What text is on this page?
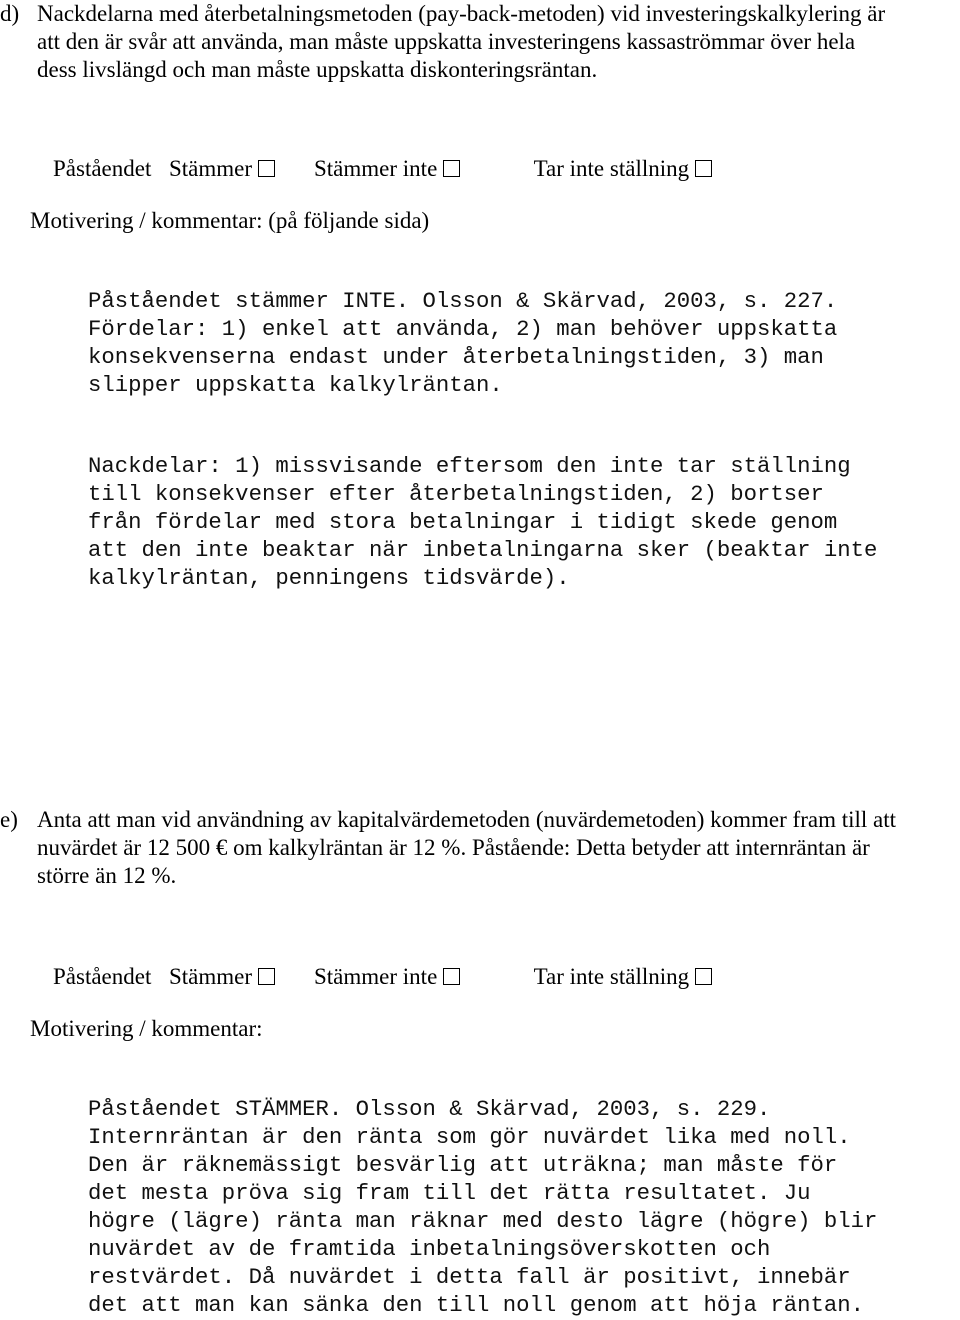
d) Nackdelarna med återbetalningsmetoden (pay-back-metoden) vid investeringskalkylering är
att den är svår att använda, man måste uppskatta investeringens kassaströmmar över hela
dess livslängd och man måste uppskatta diskonteringsräntan.

Påståendet
Stämmer
	Stämmer inte
	Tar inte ställning

Motivering / kommentar: (på följande sida)
Påståendet stämmer INTE. Olsson & Skärvad, 2003, s. 227.
Fördelar: 1) enkel att använda, 2) man behöver uppskatta
konsekvenserna endast under återbetalningstiden, 3) man
slipper uppskatta kalkylräntan.
Nackdelar: 1) missvisande eftersom den inte tar ställning
till konsekvenser efter återbetalningstiden, 2) bortser
från fördelar med stora betalningar i tidigt skede genom
att den inte beaktar när inbetalningarna sker (beaktar inte
kalkylräntan, penningens tidsvärde).
e) Anta att man vid användning av kapitalvärdemetoden (nuvärdemetoden) kommer fram till att
nuvärdet är 12 500 € om kalkylräntan är 12 %. Påstående: Detta betyder att internräntan är
större än 12 %.

Påståendet
Stämmer
	Stämmer inte
	Tar inte ställning

Motivering / kommentar:
Påståendet STÄMMER. Olsson & Skärvad, 2003, s. 229.
Internräntan är den ränta som gör nuvärdet lika med noll.
Den är räknemässigt besvärlig att uträkna; man måste för
det mesta pröva sig fram till det rätta resultatet. Ju
högre (lägre) ränta man räknar med desto lägre (högre) blir
nuvärdet av de framtida inbetalningsöverskotten och
restvärdet. Då nuvärdet i detta fall är positivt, innebär
det att man kan sänka den till noll genom att höja räntan.
